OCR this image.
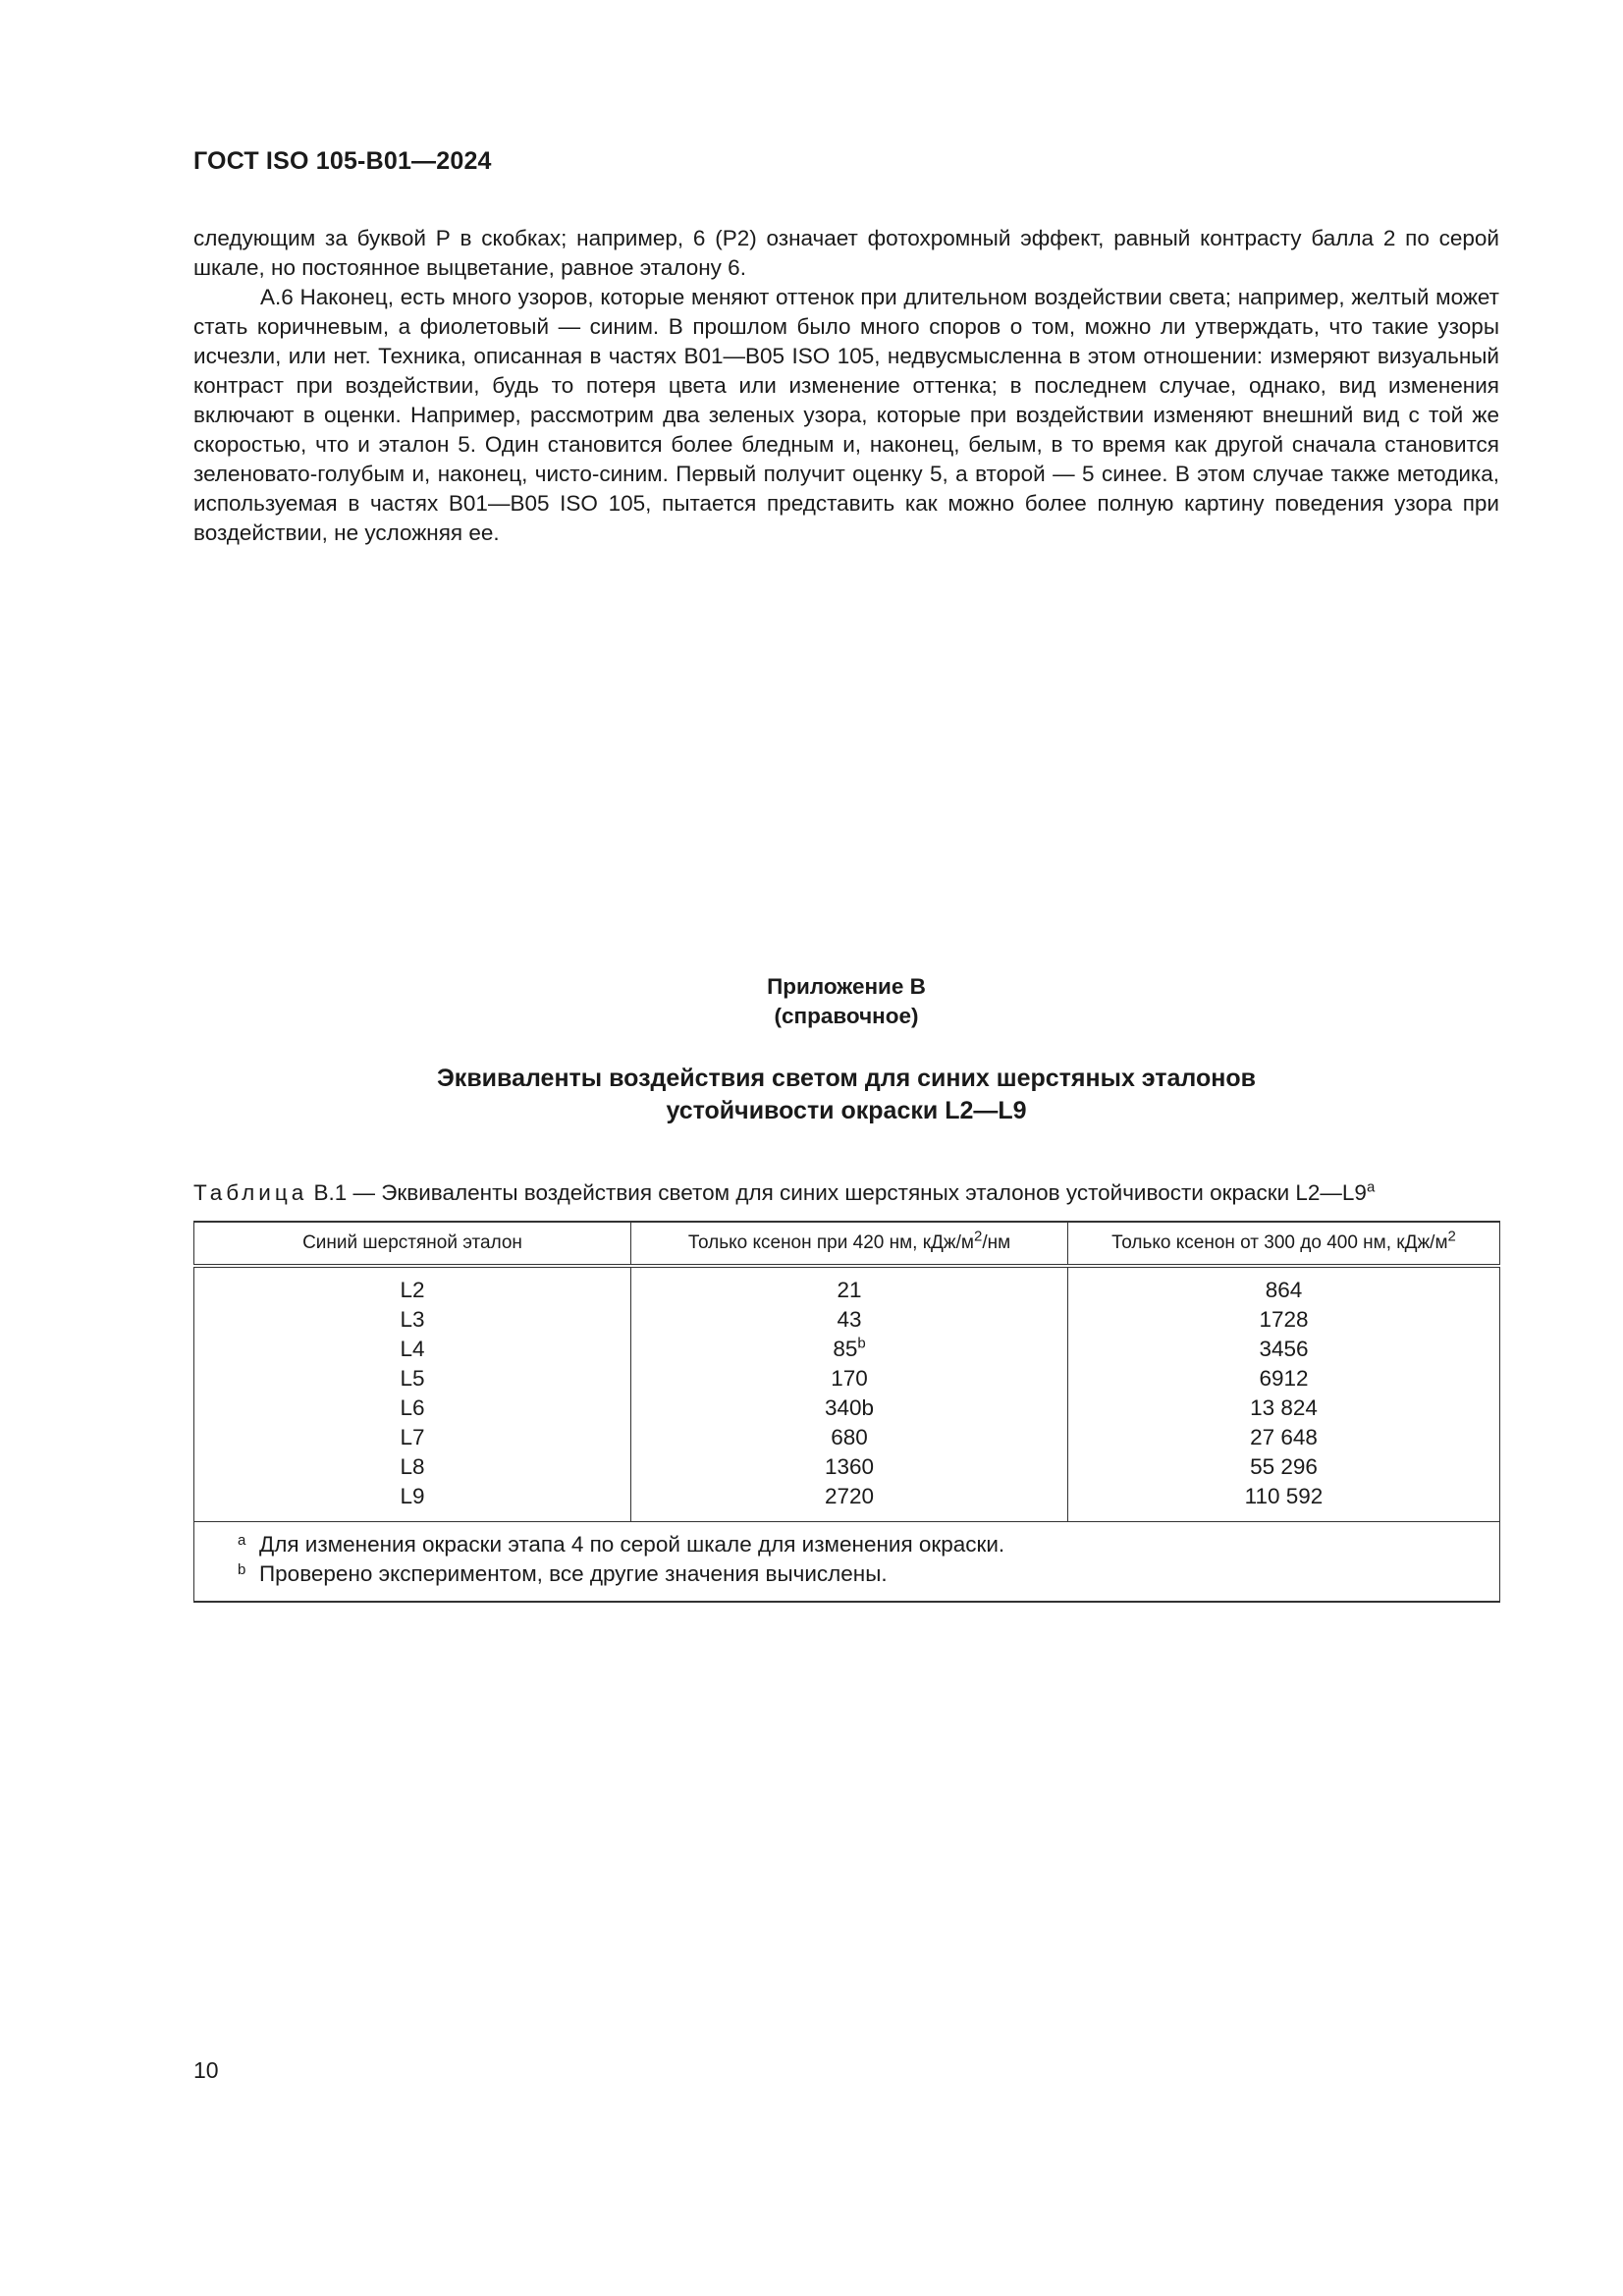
ГОСТ ISO 105-B01—2024

следующим за буквой Р в скобках; например, 6 (Р2) означает фотохромный эффект, равный контрасту балла 2 по серой шкале, но постоянное выцветание, равное эталону 6.

А.6 Наконец, есть много узоров, которые меняют оттенок при длительном воздействии света; например, желтый может стать коричневым, а фиолетовый — синим. В прошлом было много споров о том, можно ли утверждать, что такие узоры исчезли, или нет. Техника, описанная в частях B01—B05 ISO 105, недвусмысленна в этом отношении: измеряют визуальный контраст при воздействии, будь то потеря цвета или изменение оттенка; в последнем случае, однако, вид изменения включают в оценки. Например, рассмотрим два зеленых узора, которые при воздействии изменяют внешний вид с той же скоростью, что и эталон 5. Один становится более бледным и, наконец, белым, в то время как другой сначала становится зеленовато-голубым и, наконец, чисто-синим. Первый получит оценку 5, а второй — 5 синее. В этом случае также методика, используемая в частях B01—B05 ISO 105, пытается представить как можно более полную картину поведения узора при воздействии, не усложняя ее.

Приложение В
(справочное)
Эквиваленты воздействия светом для синих шерстяных эталонов
устойчивости окраски L2—L9
Таблица B.1 — Эквиваленты воздействия светом для синих шерстяных эталонов устойчивости окраски L2—L9$^a$
Синий шерстяной эталон	Только ксенон при 420 нм, кДж/$м^2/нм$	Только ксенон от 300 до 400 нм, кДж/$м^2$
L2	21	864
L3	43	1728
L4	85$^b$	3456
L5	170	6912
L6	340b	13 824
L7	680	27 648
L8	1360	55 296
L9	2720	110 592

a Для изменения окраски этапа 4 по серой шкале для изменения окраски.
b Проверено экспериментом, все другие значения вычислены.		
10
